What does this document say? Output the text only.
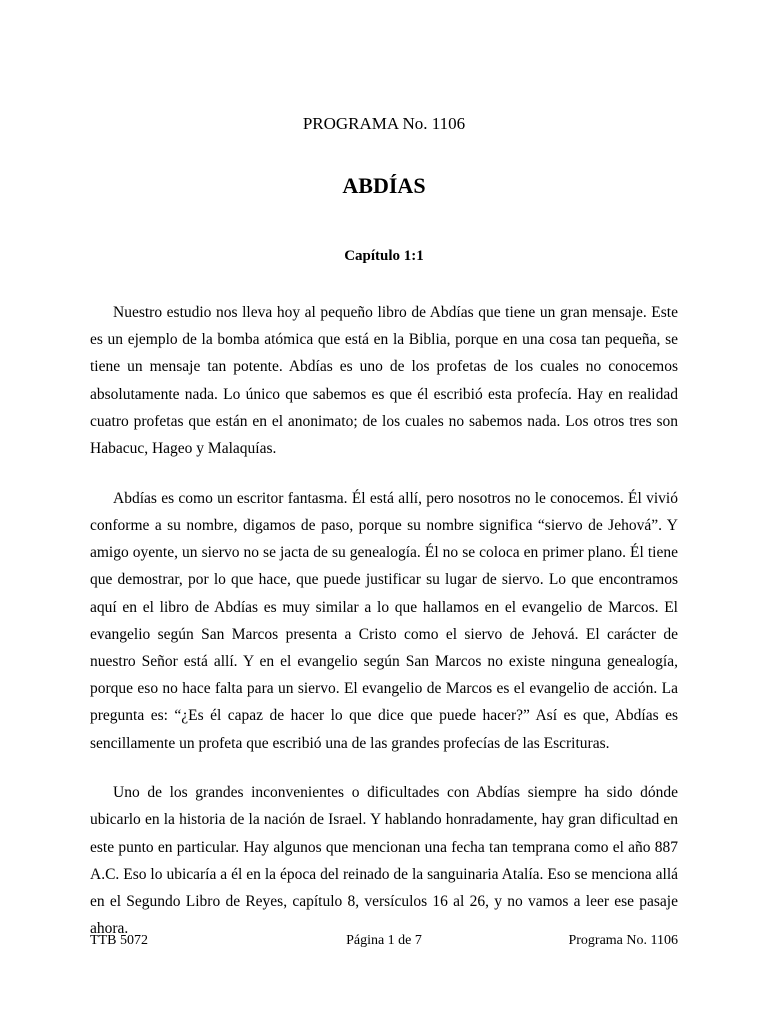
PROGRAMA No. 1106
ABDÍAS
Capítulo 1:1

Nuestro estudio nos lleva hoy al pequeño libro de Abdías que tiene un gran mensaje. Este es un ejemplo de la bomba atómica que está en la Biblia, porque en una cosa tan pequeña, se tiene un mensaje tan potente. Abdías es uno de los profetas de los cuales no conocemos absolutamente nada. Lo único que sabemos es que él escribió esta profecía. Hay en realidad cuatro profetas que están en el anonimato; de los cuales no sabemos nada. Los otros tres son Habacuc, Hageo y Malaquías.

Abdías es como un escritor fantasma. Él está allí, pero nosotros no le conocemos. Él vivió conforme a su nombre, digamos de paso, porque su nombre significa “siervo de Jehová”. Y amigo oyente, un siervo no se jacta de su genealogía. Él no se coloca en primer plano. Él tiene que demostrar, por lo que hace, que puede justificar su lugar de siervo. Lo que encontramos aquí en el libro de Abdías es muy similar a lo que hallamos en el evangelio de Marcos. El evangelio según San Marcos presenta a Cristo como el siervo de Jehová. El carácter de nuestro Señor está allí. Y en el evangelio según San Marcos no existe ninguna genealogía, porque eso no hace falta para un siervo. El evangelio de Marcos es el evangelio de acción. La pregunta es: “¿Es él capaz de hacer lo que dice que puede hacer?” Así es que, Abdías es sencillamente un profeta que escribió una de las grandes profecías de las Escrituras.

Uno de los grandes inconvenientes o dificultades con Abdías siempre ha sido dónde ubicarlo en la historia de la nación de Israel. Y hablando honradamente, hay gran dificultad en este punto en particular. Hay algunos que mencionan una fecha tan temprana como el año 887 A.C. Eso lo ubicaría a él en la época del reinado de la sanguinaria Atalía. Eso se menciona allá en el Segundo Libro de Reyes, capítulo 8, versículos 16 al 26, y no vamos a leer ese pasaje ahora.

TTB 5072	Página 1 de 7	Programa No. 1106
